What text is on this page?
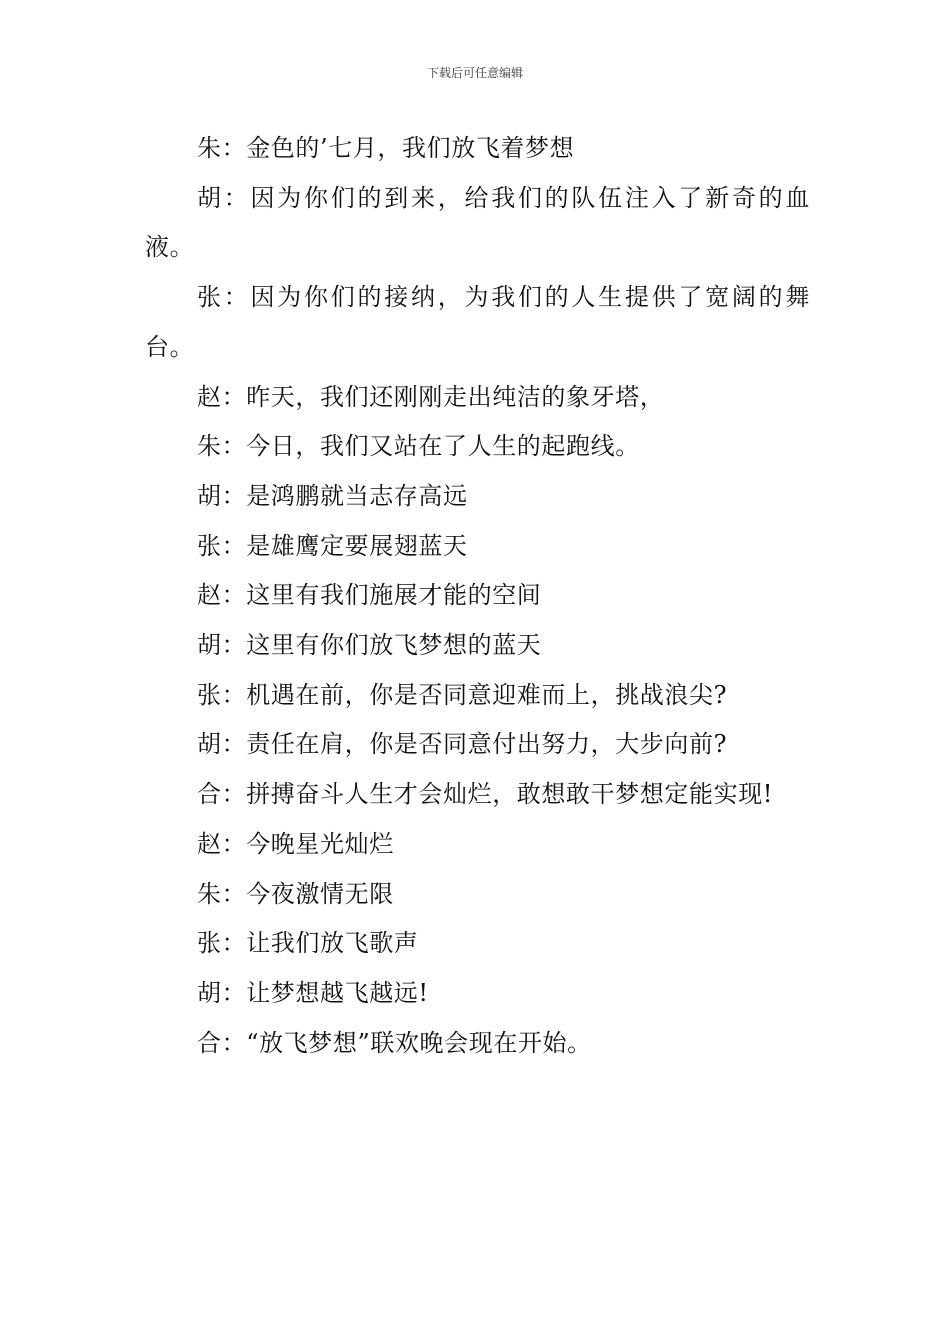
下载后可任意编辑

朱：金色的’七月，我们放飞着梦想

胡：因为你们的到来，给我们的队伍注入了新奇的血液。

张：因为你们的接纳，为我们的人生提供了宽阔的舞台。

赵：昨天，我们还刚刚走出纯洁的象牙塔，

朱：今日，我们又站在了人生的起跑线。

胡：是鸿鹏就当志存高远

张：是雄鹰定要展翅蓝天

赵：这里有我们施展才能的空间

胡：这里有你们放飞梦想的蓝天

张：机遇在前，你是否同意迎难而上，挑战浪尖?

胡：责任在肩，你是否同意付出努力，大步向前?

合：拼搏奋斗人生才会灿烂，敢想敢干梦想定能实现!

赵：今晚星光灿烂

朱：今夜激情无限

张：让我们放飞歌声

胡：让梦想越飞越远!

合：“放飞梦想”联欢晚会现在开始。
